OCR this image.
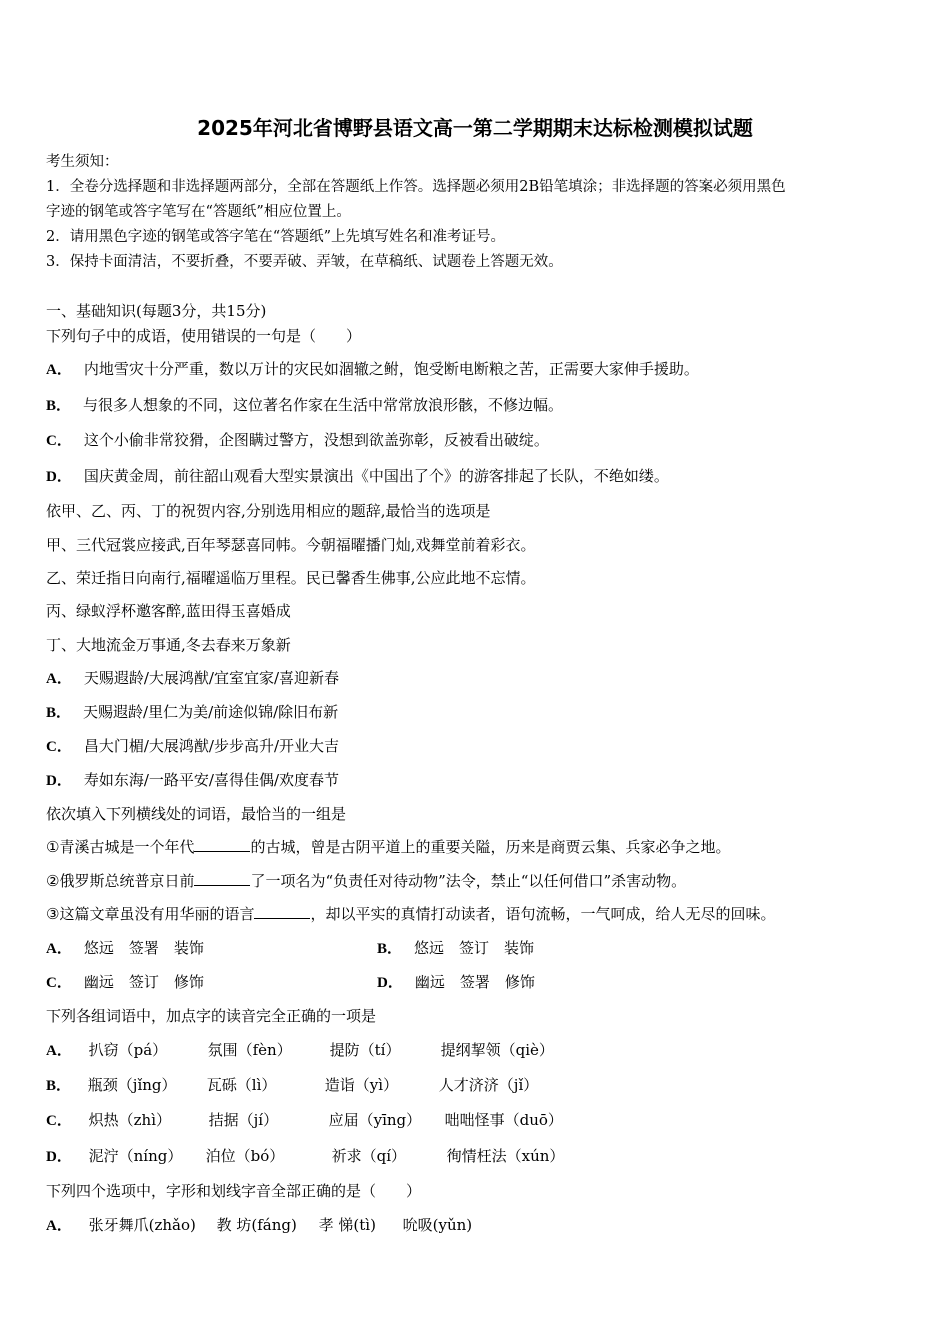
2025年河北省博野县语文高一第二学期期末达标检测模拟试题
考生须知：
1．全卷分选择题和非选择题两部分，全部在答题纸上作答。选择题必须用2B铅笔填涂；非选择题的答案必须用黑色
字迹的钢笔或答字笔写在“答题纸”相应位置上。
2．请用黑色字迹的钢笔或答字笔在“答题纸”上先填写姓名和准考证号。
3．保持卡面清洁，不要折叠，不要弄破、弄皱，在草稿纸、试题卷上答题无效。
一、基础知识(每题3分，共15分)
下列句子中的成语，使用错误的一句是（　　）
A． 内地雪灾十分严重，数以万计的灾民如涸辙之鲋，饱受断电断粮之苦，正需要大家伸手援助。
B． 与很多人想象的不同，这位著名作家在生活中常常放浪形骸，不修边幅。
C． 这个小偷非常狡猾，企图瞒过警方，没想到欲盖弥彰，反被看出破绽。
D． 国庆黄金周，前往韶山观看大型实景演出《中国出了个》的游客排起了长队，不绝如缕。
依甲、乙、丙、丁的祝贺内容,分别选用相应的题辞,最恰当的选项是
甲、三代冠裳应接武,百年琴瑟喜同帏。今朝福曜播门灿,戏舞堂前着彩衣。
乙、荣迁指日向南行,福曜遥临万里程。民已馨香生佛事,公应此地不忘情。
丙、绿蚁浮杯邀客醉,蓝田得玉喜婚成
丁、大地流金万事通,冬去春来万象新
A． 天赐遐龄/大展鸿猷/宜室宜家/喜迎新春
B． 天赐遐龄/里仁为美/前途似锦/除旧布新
C． 昌大门楣/大展鸿猷/步步高升/开业大吉
D． 寿如东海/一路平安/喜得佳偶/欢度春节
依次填入下列横线处的词语，最恰当的一组是
①青溪古城是一个年代	的古城，曾是古阴平道上的重要关隘，历来是商贾云集、兵家必争之地。
②俄罗斯总统普京日前	了一项名为“负责任对待动物”法令，禁止“以任何借口”杀害动物。
③这篇文章虽没有用华丽的语言	，却以平实的真情打动读者，语句流畅，一气呵成，给人无尽的回味。
A． 悠远　签署　装饰	B． 悠远　签订　装饰
C． 幽远　签订　修饰	D． 幽远　签署　修饰
下列各组词语中，加点字的读音完全正确的一项是
A． 扒窃（pá）	氛围（fèn）	提防（tí）	提纲挈领（qiè）
B． 瓶颈（jǐng） 瓦砾（lì）	造诣（yì）	人才济济（jǐ）
C． 炽热（zhì）	拮据（jí）	应届（yīng） 咄咄怪事（duō）
D． 泥泞（níng） 泊位（bó）	祈求（qí）	徇情枉法（xún）
下列四个选项中，字形和划线字音全部正确的是（　　）
A． 张牙舞爪(zhǎo) 教 坊(fáng) 孝 悌(tì) 吮吸(yǔn)
